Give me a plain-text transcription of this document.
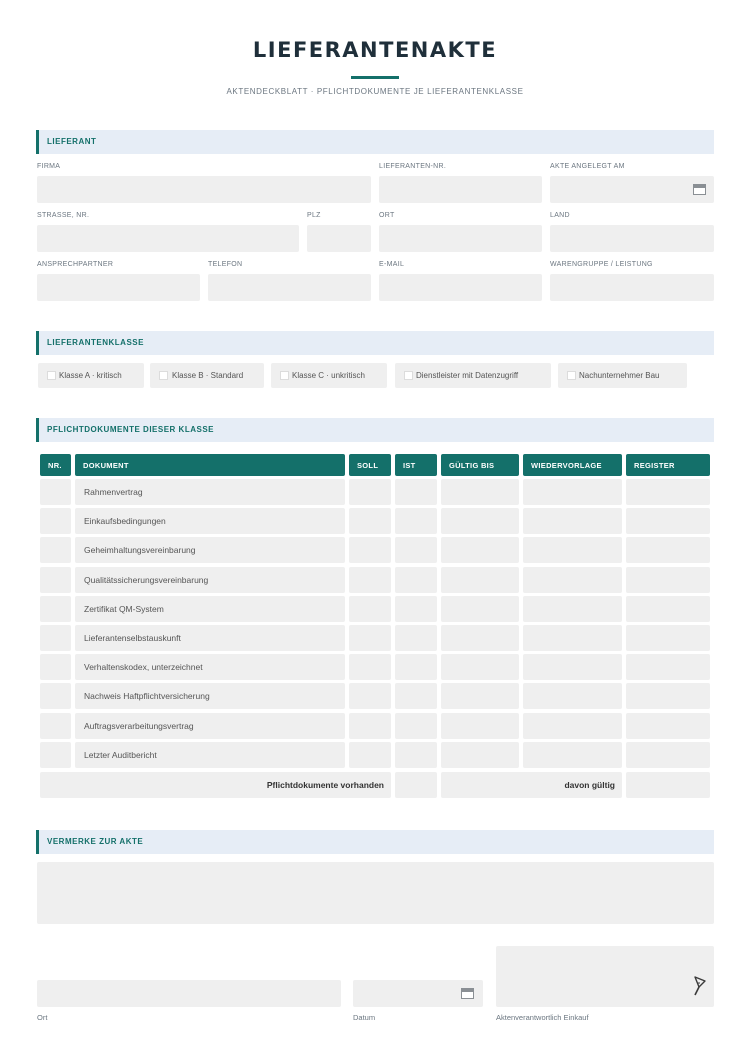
LIEFERANTENAKTE
AKTENDECKBLATT · PFLICHTDOKUMENTE JE LIEFERANTENKLASSE
LIEFERANT
FIRMA	LIEFERANTEN-NR.	AKTE ANGELEGT AM
STRASSE, NR.	PLZ	ORT	LAND
ANSPRECHPARTNER	TELEFON	E-MAIL	WARENGRUPPE / LEISTUNG
LIEFERANTENKLASSE
Klasse A · kritisch	Klasse B · Standard	Klasse C · unkritisch	Dienstleister mit Datenzugriff	Nachunternehmer Bau
PFLICHTDOKUMENTE DIESER KLASSE
NR.	DOKUMENT	SOLL	IST	GÜLTIG BIS	WIEDERVORLAGE	REGISTER
Rahmenvertrag
Einkaufsbedingungen
Geheimhaltungsvereinbarung
Qualitätssicherungsvereinbarung
Zertifikat QM-System
Lieferantenselbstauskunft
Verhaltenskodex, unterzeichnet
Nachweis Haftpflichtversicherung
Auftragsverarbeitungsvertrag
Letzter Auditbericht
Pflichtdokumente vorhanden	davon gültig
VERMERKE ZUR AKTE
Ort	Datum	Aktenverantwortlich Einkauf
